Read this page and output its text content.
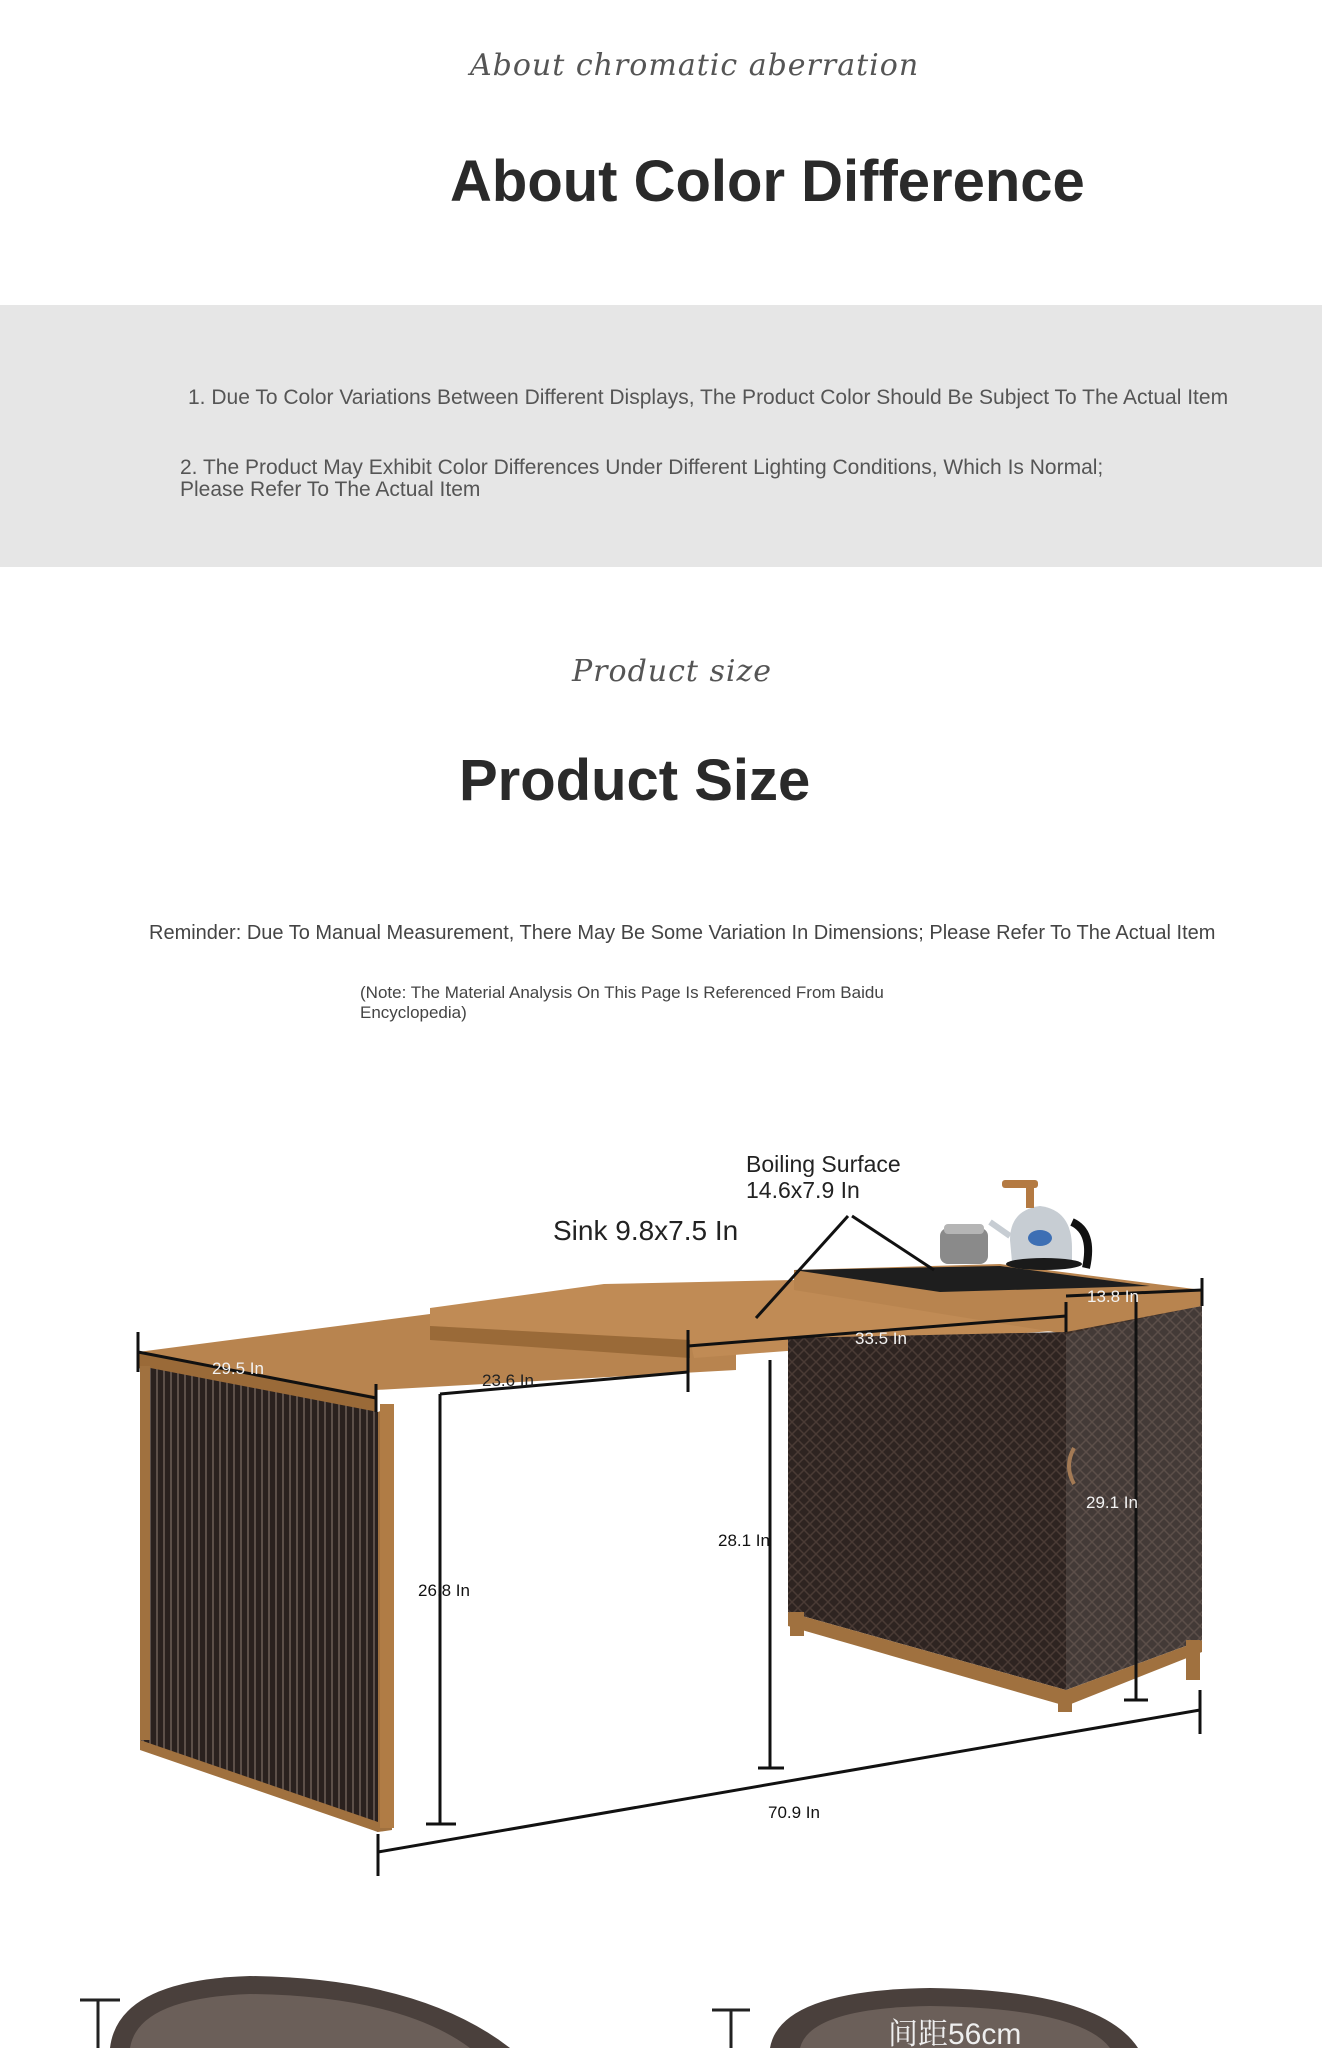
About chromatic aberration
About Color Difference
1. Due To Color Variations Between Different Displays, The Product Color Should Be Subject To The Actual Item
2. The Product May Exhibit Color Differences Under Different Lighting Conditions, Which Is Normal;
Please Refer To The Actual Item
Product size
Product Size
Reminder: Due To Manual Measurement, There May Be Some Variation In Dimensions; Please Refer To The Actual Item
(Note: The Material Analysis On This Page Is Referenced From Baidu
Encyclopedia)
29.5 In
23.6 In
33.5 In
13.8 In
29.1 In
28.1 In
26.8 In
70.9 In
Boiling Surface
14.6x7.9 In
Sink 9.8x7.5 In
间距56cm
